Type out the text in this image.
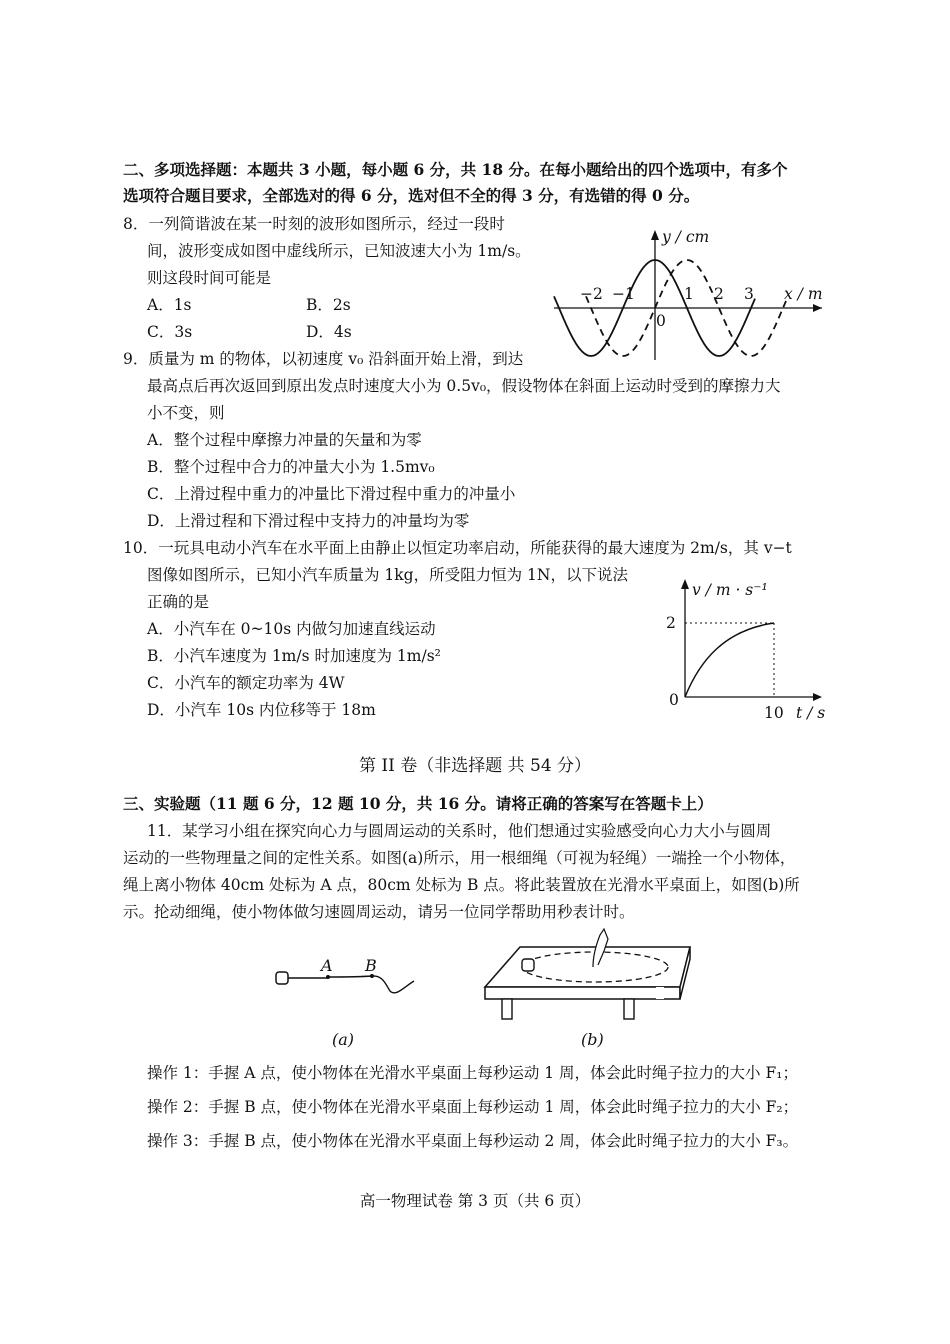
二、多项选择题：本题共 3 小题，每小题 6 分，共 18 分。在每小题给出的四个选项中，有多个
选项符合题目要求，全部选对的得 6 分，选对但不全的得 3 分，有选错的得 0 分。
8．一列简谐波在某一时刻的波形如图所示，经过一段时
间，波形变成如图中虚线所示，已知波速大小为 1m/s。
则这段时间可能是
A．1s	B．2s
C．3s	D．4s
y / cm
x / m
−2 −1	1 2 3
0
9．质量为 m 的物体，以初速度 v₀ 沿斜面开始上滑，到达
最高点后再次返回到原出发点时速度大小为 0.5v₀，假设物体在斜面上运动时受到的摩擦力大
小不变，则
A．整个过程中摩擦力冲量的矢量和为零
B．整个过程中合力的冲量大小为 1.5mv₀
C．上滑过程中重力的冲量比下滑过程中重力的冲量小
D．上滑过程和下滑过程中支持力的冲量均为零
10．一玩具电动小汽车在水平面上由静止以恒定功率启动，所能获得的最大速度为 2m/s，其 v−t
图像如图所示，已知小汽车质量为 1kg，所受阻力恒为 1N，以下说法
正确的是
A．小汽车在 0~10s 内做匀加速直线运动
B．小汽车速度为 1m/s 时加速度为 1m/s²
C．小汽车的额定功率为 4W
D．小汽车 10s 内位移等于 18m
v / m · s⁻¹
2
0
10 t / s
第 II 卷（非选择题 共 54 分）
三、实验题（11 题 6 分，12 题 10 分，共 16 分。请将正确的答案写在答题卡上）
11．某学习小组在探究向心力与圆周运动的关系时，他们想通过实验感受向心力大小与圆周
运动的一些物理量之间的定性关系。如图(a)所示，用一根细绳（可视为轻绳）一端拴一个小物体，
绳上离小物体 40cm 处标为 A 点，80cm 处标为 B 点。将此装置放在光滑水平桌面上，如图(b)所
示。抡动细绳，使小物体做匀速圆周运动，请另一位同学帮助用秒表计时。
A B
(a)	(b)
操作 1：手握 A 点，使小物体在光滑水平桌面上每秒运动 1 周，体会此时绳子拉力的大小 F₁；
操作 2：手握 B 点，使小物体在光滑水平桌面上每秒运动 1 周，体会此时绳子拉力的大小 F₂；
操作 3：手握 B 点，使小物体在光滑水平桌面上每秒运动 2 周，体会此时绳子拉力的大小 F₃。
高一物理试卷 第 3 页（共 6 页）
